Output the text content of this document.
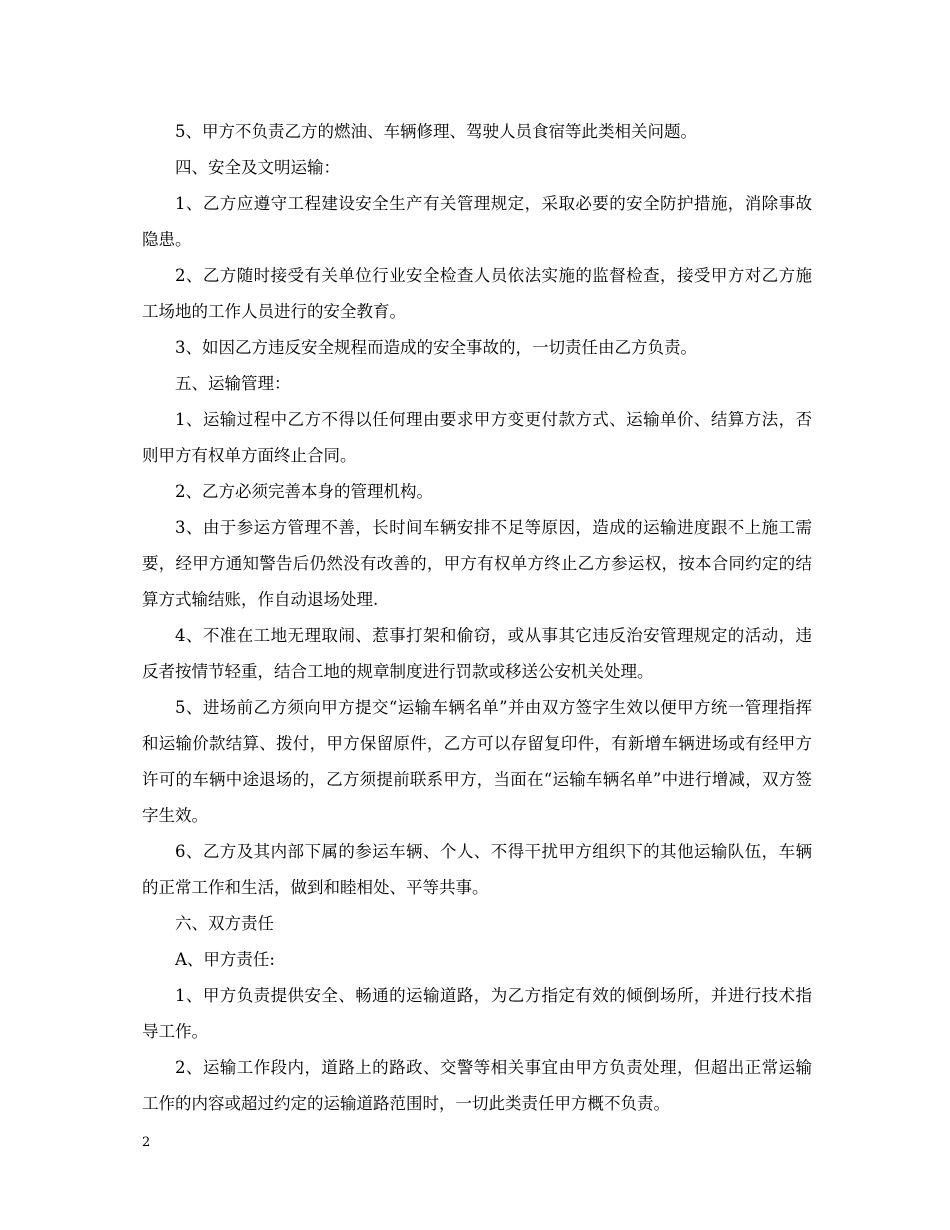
5、甲方不负责乙方的燃油、车辆修理、驾驶人员食宿等此类相关问题。

四、安全及文明运输：

1、乙方应遵守工程建设安全生产有关管理规定，采取必要的安全防护措施，消除事故隐患。

2、乙方随时接受有关单位行业安全检查人员依法实施的监督检查，接受甲方对乙方施工场地的工作人员进行的安全教育。

3、如因乙方违反安全规程而造成的安全事故的，一切责任由乙方负责。

五、运输管理：

1、运输过程中乙方不得以任何理由要求甲方变更付款方式、运输单价、结算方法，否则甲方有权单方面终止合同。

2、乙方必须完善本身的管理机构。

3、由于参运方管理不善，长时间车辆安排不足等原因，造成的运输进度跟不上施工需要，经甲方通知警告后仍然没有改善的，甲方有权单方终止乙方参运权，按本合同约定的结算方式输结账，作自动退场处理.

4、不准在工地无理取闹、惹事打架和偷窃，或从事其它违反治安管理规定的活动，违反者按情节轻重，结合工地的规章制度进行罚款或移送公安机关处理。

5、进场前乙方须向甲方提交“运输车辆名单”并由双方签字生效以便甲方统一管理指挥和运输价款结算、拨付，甲方保留原件，乙方可以存留复印件，有新增车辆进场或有经甲方许可的车辆中途退场的，乙方须提前联系甲方，当面在“运输车辆名单”中进行增减，双方签字生效。

6、乙方及其内部下属的参运车辆、个人、不得干扰甲方组织下的其他运输队伍，车辆的正常工作和生活，做到和睦相处、平等共事。

六、双方责任

A、甲方责任:

1、甲方负责提供安全、畅通的运输道路，为乙方指定有效的倾倒场所，并进行技术指导工作。

2、运输工作段内，道路上的路政、交警等相关事宜由甲方负责处理，但超出正常运输工作的内容或超过约定的运输道路范围时，一切此类责任甲方概不负责。

2
